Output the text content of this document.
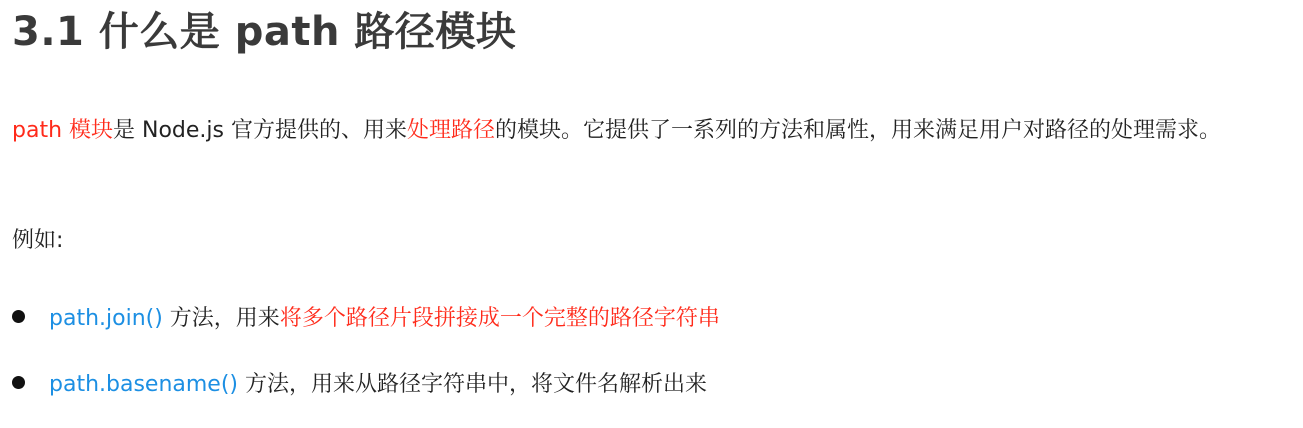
3.1 什么是 path 路径模块

path 模块是 Node.js 官方提供的、用来处理路径的模块。它提供了一系列的方法和属性，用来满足用户对路径的处理需求。

例如:

path.join() 方法，用来将多个路径片段拼接成一个完整的路径字符串
path.basename() 方法，用来从路径字符串中，将文件名解析出来
